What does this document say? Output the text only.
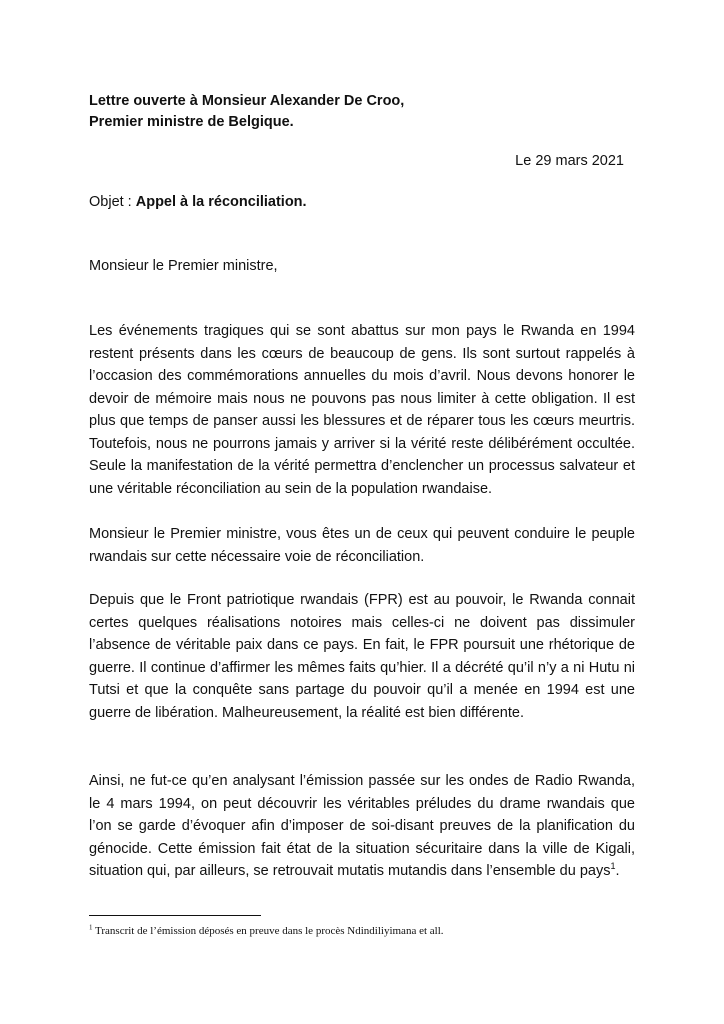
Lettre ouverte à Monsieur Alexander De Croo,
Premier ministre de Belgique.
Le 29 mars 2021
Objet : Appel à la réconciliation.
Monsieur le Premier ministre,

Les événements tragiques qui se sont abattus sur mon pays le Rwanda en 1994 restent présents dans les cœurs de beaucoup de gens. Ils sont surtout rappelés à l’occasion des commémorations annuelles du mois d’avril. Nous devons honorer le devoir de mémoire mais nous ne pouvons pas nous limiter à cette obligation. Il est plus que temps de panser aussi les blessures et de réparer tous les cœurs meurtris. Toutefois, nous ne pourrons jamais y arriver si la vérité reste délibérément occultée. Seule la manifestation de la vérité permettra d’enclencher un processus salvateur et une véritable réconciliation au sein de la population rwandaise.

Monsieur le Premier ministre, vous êtes un de ceux qui peuvent conduire le peuple rwandais sur cette nécessaire voie de réconciliation.

Depuis que le Front patriotique rwandais (FPR) est au pouvoir, le Rwanda connait certes quelques réalisations notoires mais celles-ci ne doivent pas dissimuler l’absence de véritable paix dans ce pays. En fait, le FPR poursuit une rhétorique de guerre. Il continue d’affirmer les mêmes faits qu’hier. Il a décrété qu’il n’y a ni Hutu ni Tutsi et que la conquête sans partage du pouvoir qu’il a menée en 1994 est une guerre de libération. Malheureusement, la réalité est bien différente.

Ainsi, ne fut-ce qu’en analysant l’émission passée sur les ondes de Radio Rwanda, le 4 mars 1994, on peut découvrir les véritables préludes du drame rwandais que l’on se garde d’évoquer afin d’imposer de soi-disant preuves de la planification du génocide. Cette émission fait état de la situation sécuritaire dans la ville de Kigali, situation qui, par ailleurs, se retrouvait mutatis mutandis dans l’ensemble du pays$^1$.

$^1$ Transcrit de l’émission déposés en preuve dans le procès Ndindiliyimana et all.
